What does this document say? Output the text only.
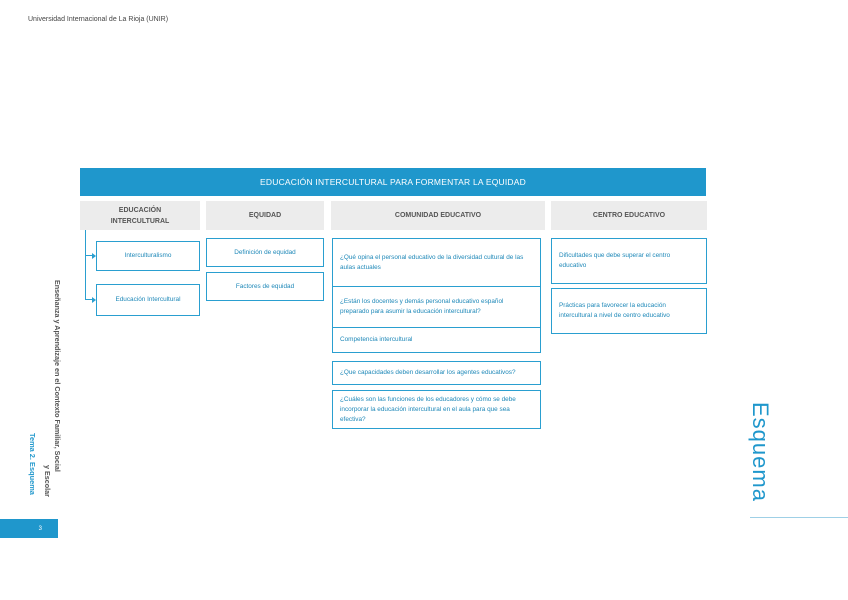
Universidad Internacional de La Rioja (UNIR)
EDUCACIÓN INTERCULTURAL PARA FORMENTAR LA EQUIDAD
EDUCACIÓN
INTERCULTURAL
EQUIDAD	COMUNIDAD EDUCATIVO	CENTRO EDUCATIVO
Interculturalismo
Educación Intercultural
Definición de equidad
Factores de equidad
¿Qué opina el personal educativo de la diversidad cultural de las aulas actuales
¿Están los docentes y demás personal educativo español preparado para asumir la educación intercultural?
Competencia intercultural
¿Que capacidades deben desarrollar los agentes educativos?
¿Cuáles son las funciones de los educadores y cómo se debe incorporar la educación intercultural en el aula para que sea efectiva?
Dificultades que debe superar el centro educativo
Prácticas para favorecer la educación intercultural a nivel de centro educativo
Enseñanza y Aprendizaje en el Contexto Familiar, Social
y Escolar
Tema 2. Esquema
3
Esquema
